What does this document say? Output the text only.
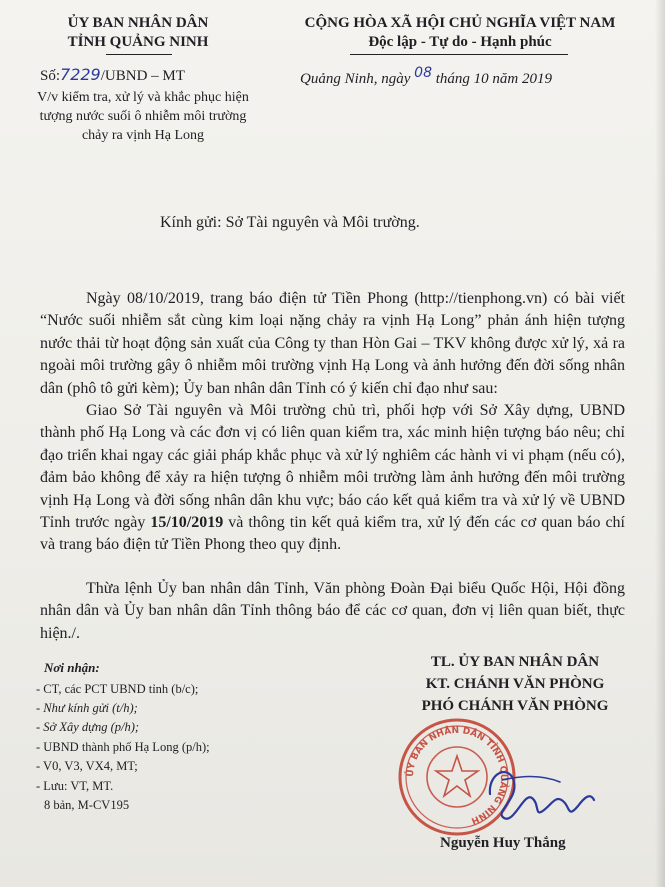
ỦY BAN NHÂN DÂN
TỈNH QUẢNG NINH
CỘNG HÒA XÃ HỘI CHỦ NGHĨA VIỆT NAM
Độc lập - Tự do - Hạnh phúc
Số:7229/UBND – MT
V/v kiểm tra, xử lý và khắc phục hiện tượng nước suối ô nhiễm môi trường chảy ra vịnh Hạ Long
Quảng Ninh, ngày $^{08}$ tháng 10 năm 2019
Kính gửi: Sở Tài nguyên và Môi trường.

Ngày 08/10/2019, trang báo điện tử Tiền Phong (http://tienphong.vn) có bài viết “Nước suối nhiễm sắt cùng kim loại nặng chảy ra vịnh Hạ Long” phản ánh hiện tượng nước thải từ hoạt động sản xuất của Công ty than Hòn Gai – TKV không được xử lý, xả ra ngoài môi trường gây ô nhiễm môi trường vịnh Hạ Long và ảnh hưởng đến đời sống nhân dân (phô tô gửi kèm); Ủy ban nhân dân Tỉnh có ý kiến chỉ đạo như sau:

Giao Sở Tài nguyên và Môi trường chủ trì, phối hợp với Sở Xây dựng, UBND thành phố Hạ Long và các đơn vị có liên quan kiểm tra, xác minh hiện tượng báo nêu; chỉ đạo triển khai ngay các giải pháp khắc phục và xử lý nghiêm các hành vi vi phạm (nếu có), đảm bảo không để xảy ra hiện tượng ô nhiễm môi trường làm ảnh hưởng đến môi trường vịnh Hạ Long và đời sống nhân dân khu vực; báo cáo kết quả kiểm tra và xử lý về UBND Tỉnh trước ngày 15/10/2019 và thông tin kết quả kiểm tra, xử lý đến các cơ quan báo chí và trang báo điện tử Tiền Phong theo quy định.

Thừa lệnh Ủy ban nhân dân Tỉnh, Văn phòng Đoàn Đại biểu Quốc Hội, Hội đồng nhân dân và Ủy ban nhân dân Tỉnh thông báo để các cơ quan, đơn vị liên quan biết, thực hiện./.

Nơi nhận:
- CT, các PCT UBND tỉnh (b/c);
- Như kính gửi (t/h);
- Sở Xây dựng (p/h);
- UBND thành phố Hạ Long (p/h);
- V0, V3, VX4, MT;
- Lưu: VT, MT.
8 bản, M-CV195
TL. ỦY BAN NHÂN DÂN
KT. CHÁNH VĂN PHÒNG
PHÓ CHÁNH VĂN PHÒNG
ỦY BAN NHÂN DÂN TỈNH QUẢNG NINH
Nguyễn Huy Thắng
